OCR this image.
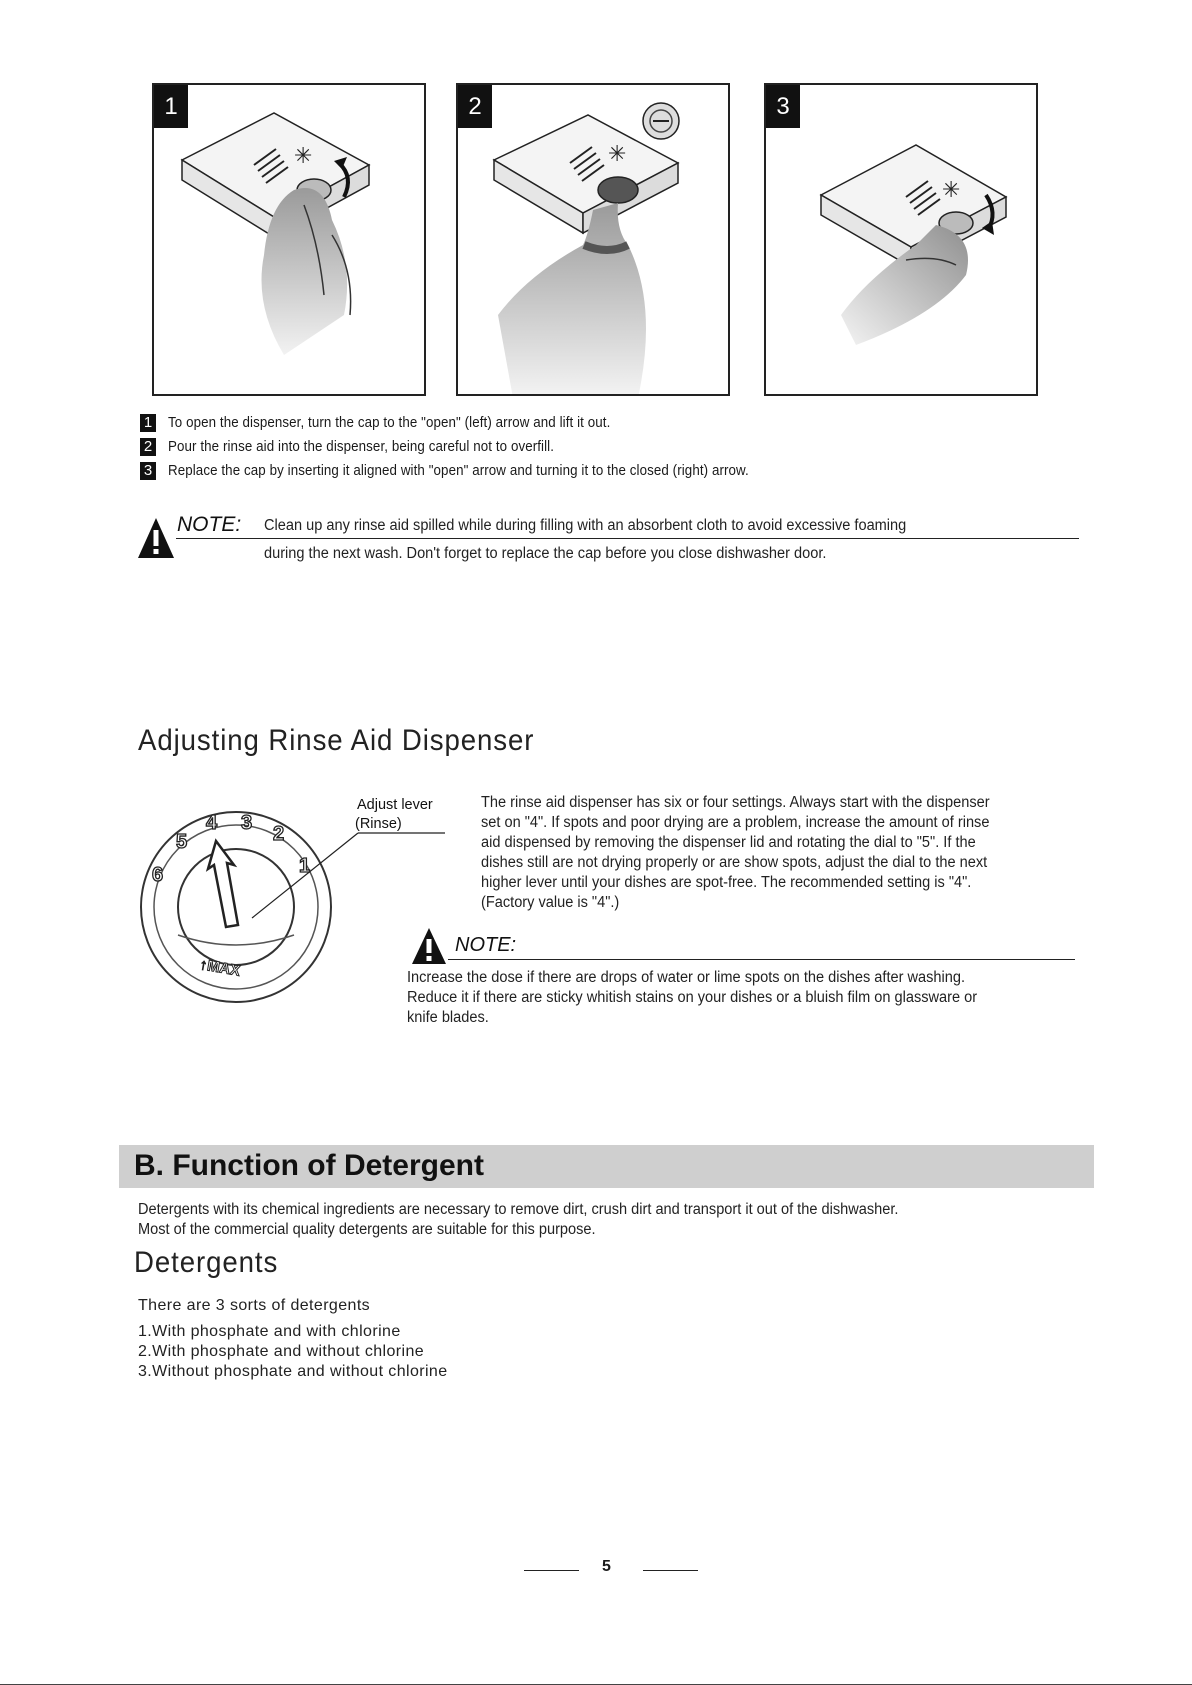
1
✳
2
✳
3
✳
1 To open the dispenser, turn the cap to the "open" (left) arrow and lift it out.
2 Pour the rinse aid into the dispenser, being careful not to overfill.
3 Replace the cap by inserting it aligned with "open" arrow and turning it to the closed (right) arrow.
NOTE: Clean up any rinse aid spilled while during filling with an absorbent cloth to avoid excessive foaming
during the next wash. Don't forget to replace the cap before you close dishwasher door.
Adjusting Rinse Aid Dispenser
6
5
4 3 2
1
↑MAX
Adjust lever
(Rinse)
The rinse aid dispenser has six or four settings. Always start with the dispenser
set on "4". If spots and poor drying are a problem, increase the amount of rinse
aid dispensed by removing the dispenser lid and rotating the dial to "5". If the
dishes still are not drying properly or are show spots, adjust the dial to the next
higher lever until your dishes are spot-free. The recommended setting is "4".
(Factory value is "4".)
NOTE:
Increase the dose if there are drops of water or lime spots on the dishes after washing.
Reduce it if there are sticky whitish stains on your dishes or a bluish film on glassware or
knife blades.
B. Function of Detergent
Detergents with its chemical ingredients are necessary to remove dirt, crush dirt and transport it out of the dishwasher.
Most of the commercial quality detergents are suitable for this purpose.
Detergents
There are 3 sorts of detergents
1.With phosphate and with chlorine
2.With phosphate and without chlorine
3.Without phosphate and without chlorine
5
